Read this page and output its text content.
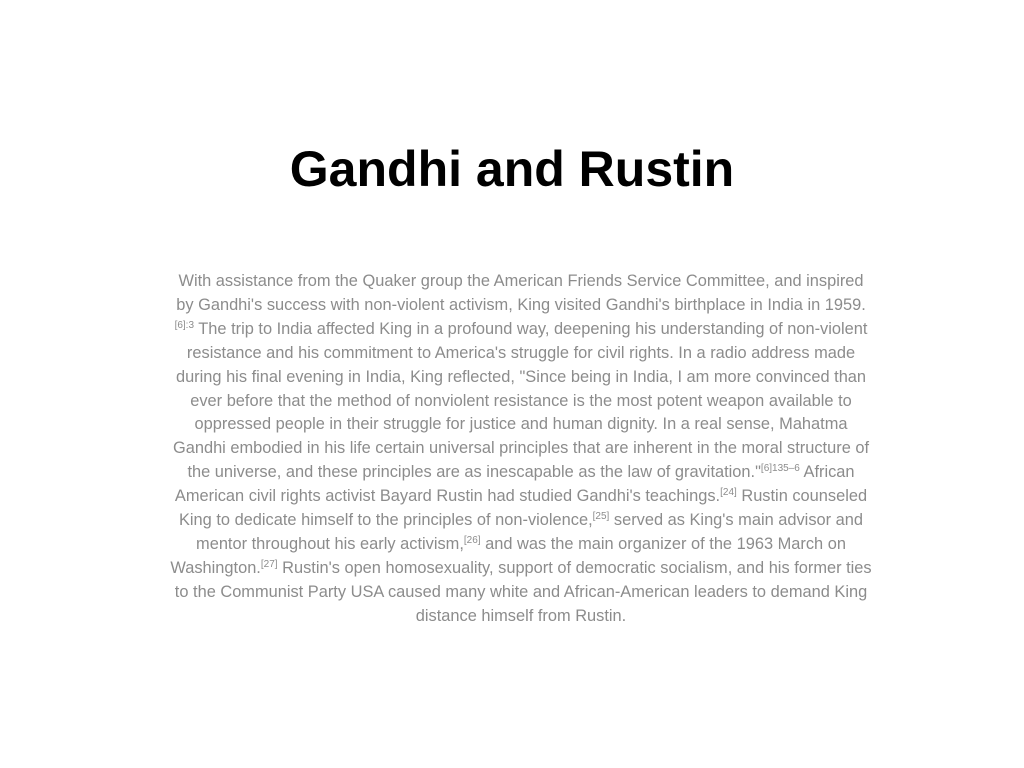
Gandhi and Rustin

With assistance from the Quaker group the American Friends Service Committee, and inspired by Gandhi's success with non-violent activism, King visited Gandhi's birthplace in India in 1959.$^{[6]:3}$ The trip to India affected King in a profound way, deepening his understanding of non-violent resistance and his commitment to America's struggle for civil rights. In a radio address made during his final evening in India, King reflected, "Since being in India, I am more convinced than ever before that the method of nonviolent resistance is the most potent weapon available to oppressed people in their struggle for justice and human dignity. In a real sense, Mahatma Gandhi embodied in his life certain universal principles that are inherent in the moral structure of the universe, and these principles are as inescapable as the law of gravitation."$^{[6]135-6}$ African American civil rights activist Bayard Rustin had studied Gandhi's teachings.[24] Rustin counseled King to dedicate himself to the principles of non-violence,[25] served as King's main advisor and mentor throughout his early activism,[26] and was the main organizer of the 1963 March on Washington.[27] Rustin's open homosexuality, support of democratic socialism, and his former ties to the Communist Party USA caused many white and African-American leaders to demand King distance himself from Rustin.
